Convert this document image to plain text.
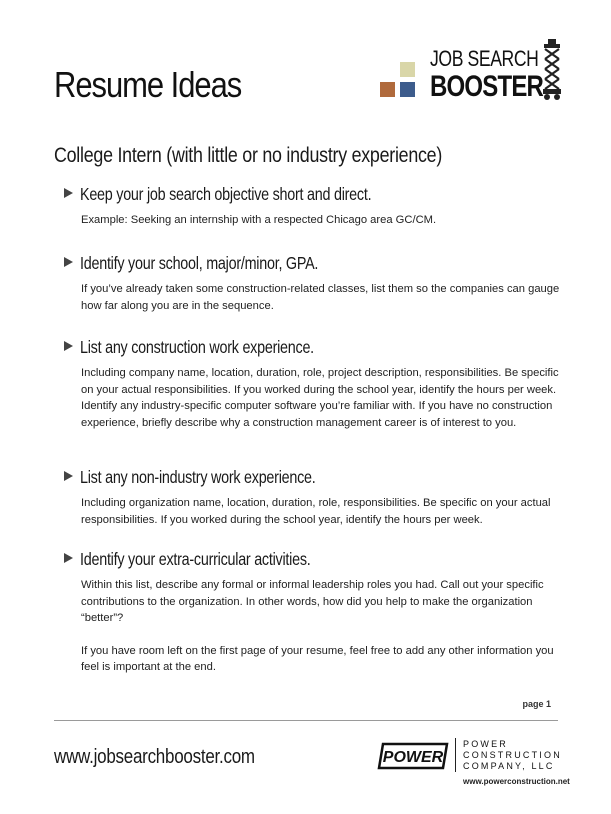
Resume Ideas
JOB SEARCH
BOOSTER
College Intern (with little or no industry experience)
Keep your job search objective short and direct.

Example: Seeking an internship with a respected Chicago area GC/CM.

Identify your school, major/minor, GPA.

If you’ve already taken some construction-related classes, list them so the companies can gauge how far along you are in the sequence.

List any construction work experience.

Including company name, location, duration, role, project description, responsibilities. Be specific on your actual responsibilities. If you worked during the school year, identify the hours per week. Identify any industry-specific computer software you’re familiar with. If you have no construction experience, briefly describe why a construction management career is of interest to you.

List any non-industry work experience.

Including organization name, location, duration, role, responsibilities. Be specific on your actual responsibilities. If you worked during the school year, identify the hours per week.

Identify your extra-curricular activities.

Within this list, describe any formal or informal leadership roles you had. Call out your specific contributions to the organization. In other words, how did you help to make the organization “better”?

If you have room left on the first page of your resume, feel free to add any other information you feel is important at the end.

page 1
www.jobsearchbooster.com	POWER
POWER
CONSTRUCTION
COMPANY, LLC
www.powerconstruction.net
